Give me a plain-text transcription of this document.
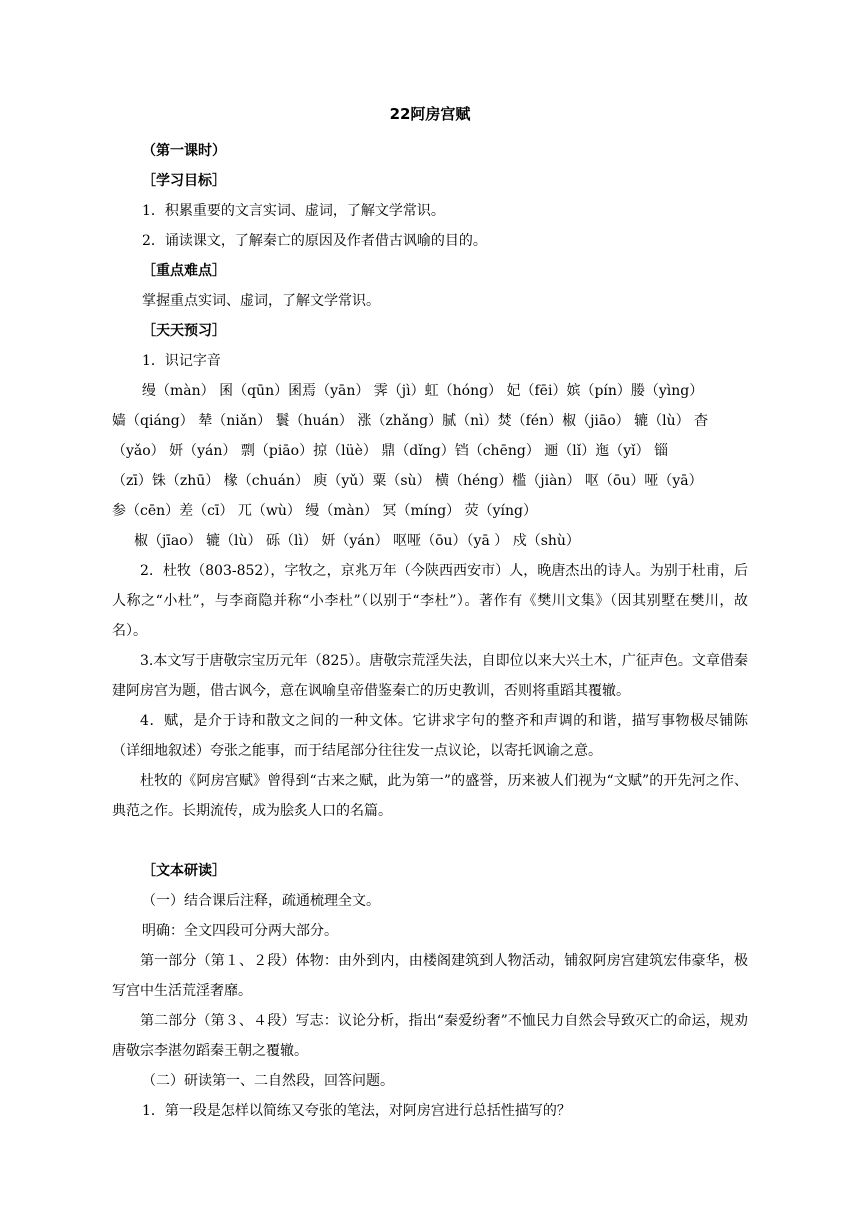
22阿房宫赋

（第一课时）

［学习目标］

1．积累重要的文言实词、虚词，了解文学常识。

2．诵读课文，了解秦亡的原因及作者借古讽喻的目的。

［重点难点］

掌握重点实词、虚词，了解文学常识。

［天天预习］

1．识记字音

缦（màn） 囷（qūn）囷焉（yān） 霁（jì）虹（hóng） 妃（fēi）嫔（pín）媵（yìng）

嫱（qiáng） 辇（niǎn） 鬟（huán） 涨（zhǎng）腻（nì）焚（fén）椒（jiāo） 辘（lù） 杳

（yǎo） 妍（yán） 剽（piāo）掠（lüè） 鼎（dǐng）铛（chēng） 逦（lǐ）迤（yǐ） 锱

（zī）铢（zhū） 椽（chuán） 庾（yǔ）粟（sù） 横（héng）槛（jiàn） 呕（ōu）哑（yā）

参（cēn）差（cī） 兀（wù） 缦（màn） 冥（míng） 荧（yíng）

椒（jīao） 辘（lù） 砾（lì） 妍（yán） 呕哑（ōu）（yā ） 戍（shù）

2．杜牧（803-852），字牧之，京兆万年（今陕西西安市）人，晚唐杰出的诗人。为别于杜甫，后人称之“小杜”，与李商隐并称“小李杜”（以别于“李杜”）。著作有《樊川文集》（因其别墅在樊川，故名）。

3.本文写于唐敬宗宝历元年（825）。唐敬宗荒淫失法，自即位以来大兴土木，广征声色。文章借秦建阿房宫为题，借古讽今，意在讽喻皇帝借鉴秦亡的历史教训，否则将重蹈其覆辙。

4．赋，是介于诗和散文之间的一种文体。它讲求字句的整齐和声调的和谐，描写事物极尽铺陈（详细地叙述）夸张之能事，而于结尾部分往往发一点议论，以寄托讽谕之意。

杜牧的《阿房宫赋》曾得到“古来之赋，此为第一”的盛誉，历来被人们视为“文赋”的开先河之作、典范之作。长期流传，成为脍炙人口的名篇。

［文本研读］

（一）结合课后注释，疏通梳理全文。

明确：全文四段可分两大部分。

第一部分（第１、２段）体物：由外到内，由楼阁建筑到人物活动，铺叙阿房宫建筑宏伟豪华，极写宫中生活荒淫奢靡。

第二部分（第３、４段）写志：议论分析，指出“秦爱纷奢”不恤民力自然会导致灭亡的命运，规劝唐敬宗李湛勿蹈秦王朝之覆辙。

（二）研读第一、二自然段，回答问题。

1．第一段是怎样以简练又夸张的笔法，对阿房宫进行总括性描写的？
